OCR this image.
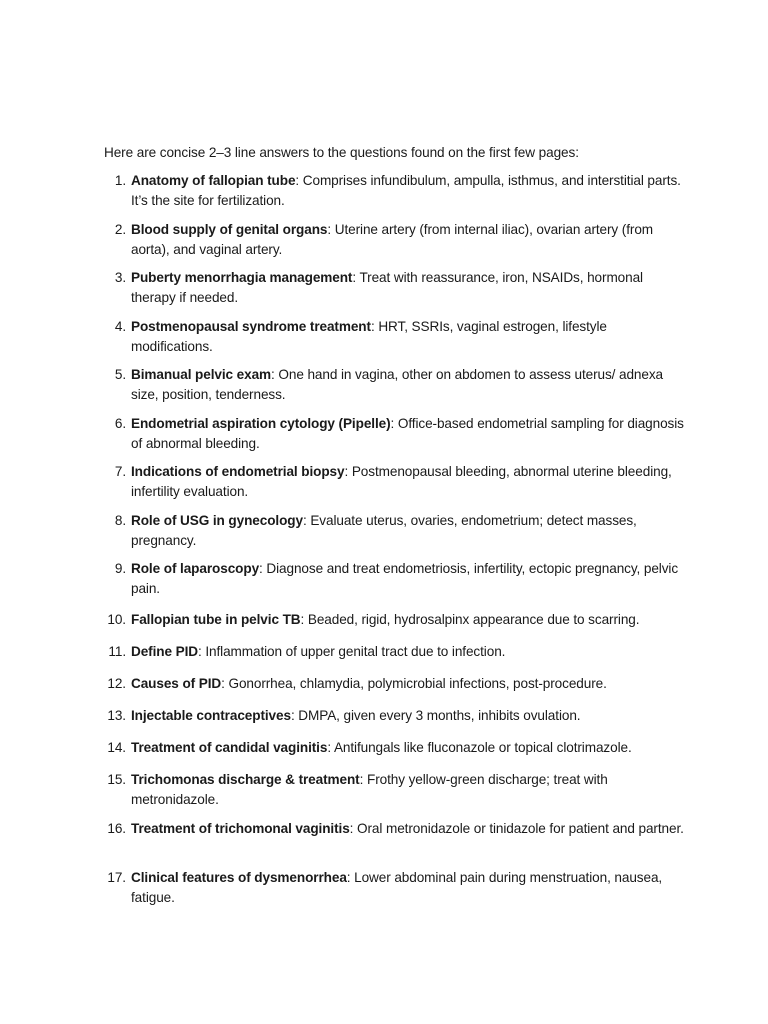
Here are concise 2–3 line answers to the questions found on the first few pages:

1. Anatomy of fallopian tube: Comprises infundibulum, ampulla, isthmus, and interstitial parts. It’s the site for fertilization.
2. Blood supply of genital organs: Uterine artery (from internal iliac), ovarian artery (from aorta), and vaginal artery.
3. Puberty menorrhagia management: Treat with reassurance, iron, NSAIDs, hormonal therapy if needed.
4. Postmenopausal syndrome treatment: HRT, SSRIs, vaginal estrogen, lifestyle modifications.
5. Bimanual pelvic exam: One hand in vagina, other on abdomen to assess uterus/ adnexa size, position, tenderness.
6. Endometrial aspiration cytology (Pipelle): Office-based endometrial sampling for diagnosis of abnormal bleeding.
7. Indications of endometrial biopsy: Postmenopausal bleeding, abnormal uterine bleeding, infertility evaluation.
8. Role of USG in gynecology: Evaluate uterus, ovaries, endometrium; detect masses, pregnancy.
9. Role of laparoscopy: Diagnose and treat endometriosis, infertility, ectopic pregnancy, pelvic pain.
10. Fallopian tube in pelvic TB: Beaded, rigid, hydrosalpinx appearance due to scarring.
11. Define PID: Inflammation of upper genital tract due to infection.
12. Causes of PID: Gonorrhea, chlamydia, polymicrobial infections, post-procedure.
13. Injectable contraceptives: DMPA, given every 3 months, inhibits ovulation.
14. Treatment of candidal vaginitis: Antifungals like fluconazole or topical clotrimazole.
15. Trichomonas discharge & treatment: Frothy yellow-green discharge; treat with metronidazole.
16. Treatment of trichomonal vaginitis: Oral metronidazole or tinidazole for patient and partner.
17. Clinical features of dysmenorrhea: Lower abdominal pain during menstruation, nausea, fatigue.
